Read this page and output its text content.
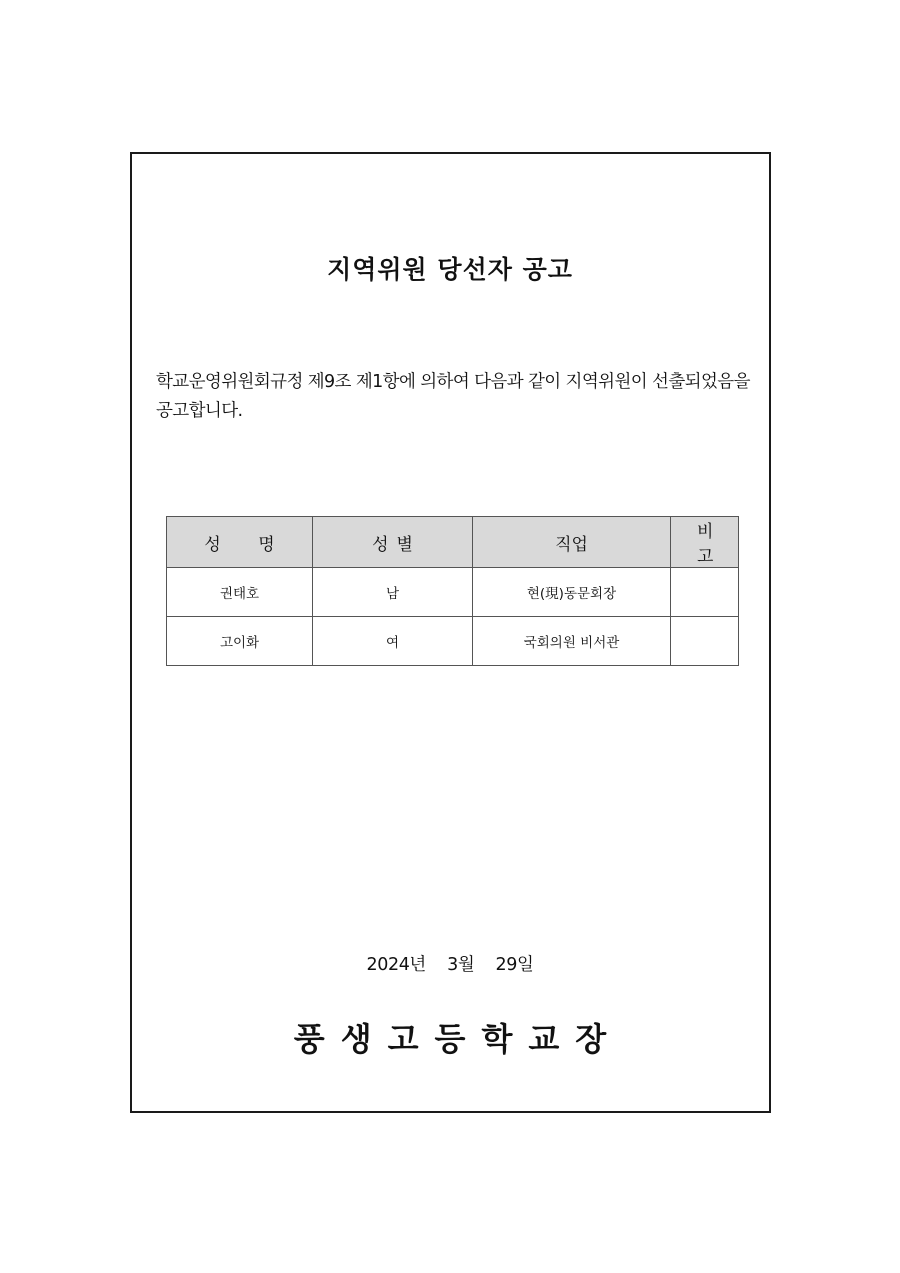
지역위원 당선자 공고
학교운영위원회규정 제9조 제1항에 의하여 다음과 같이 지역위원이 선출되었음을 공고합니다.
성 명	성별	직업	비 고
권태호	남	현(現)동문회장	
고이화	여	국회의원 비서관	
2024년 3월 29일
풍생고등학교장
